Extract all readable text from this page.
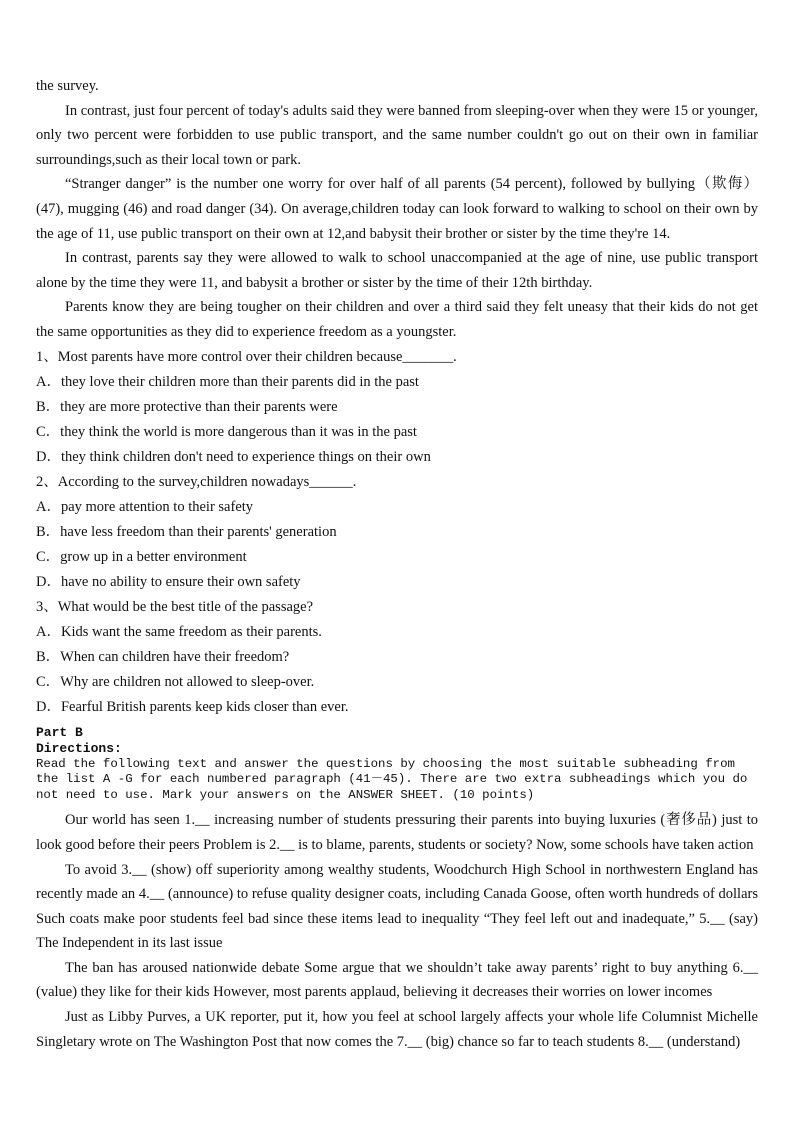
the survey.

In contrast, just four percent of today's adults said they were banned from sleeping-over when they were 15 or younger, only two percent were forbidden to use public transport, and the same number couldn't go out on their own in familiar surroundings,such as their local town or park.

“Stranger danger” is the number one worry for over half of all parents (54 percent), followed by bullying（欺侮）(47), mugging (46) and road danger (34). On average,children today can look forward to walking to school on their own by the age of 11, use public transport on their own at 12,and babysit their brother or sister by the time they're 14.

In contrast, parents say they were allowed to walk to school unaccompanied at the age of nine, use public transport alone by the time they were 11, and babysit a brother or sister by the time of their 12th birthday.

Parents know they are being tougher on their children and over a third said they felt uneasy that their kids do not get the same opportunities as they did to experience freedom as a youngster.

1、Most parents have more control over their children because_______.

A．they love their children more than their parents did in the past

B．they are more protective than their parents were

C．they think the world is more dangerous than it was in the past

D．they think children don't need to experience things on their own

2、According to the survey,children nowadays______.

A．pay more attention to their safety

B．have less freedom than their parents' generation

C．grow up in a better environment

D．have no ability to ensure their own safety

3、What would be the best title of the passage?

A．Kids want the same freedom as their parents.

B．When can children have their freedom?

C．Why are children not allowed to sleep-over.

D．Fearful British parents keep kids closer than ever.

Part B

Directions:

Read the following text and answer the questions by choosing the most suitable subheading from the list A -G for each numbered paragraph (41－45). There are two extra subheadings which you do not need to use. Mark your answers on the ANSWER SHEET. (10 points)

Our world has seen 1.__ increasing number of students pressuring their parents into buying luxuries (奢侈品) just to look good before their peers Problem is 2.__ is to blame, parents, students or society? Now, some schools have taken action

To avoid 3.__ (show) off superiority among wealthy students, Woodchurch High School in northwestern England has recently made an 4.__ (announce) to refuse quality designer coats, including Canada Goose, often worth hundreds of dollars Such coats make poor students feel bad since these items lead to inequality “They feel left out and inadequate,” 5.__ (say) The Independent in its last issue

The ban has aroused nationwide debate Some argue that we shouldn’t take away parents’ right to buy anything 6.__ (value) they like for their kids However, most parents applaud, believing it decreases their worries on lower incomes

Just as Libby Purves, a UK reporter, put it, how you feel at school largely affects your whole life Columnist Michelle Singletary wrote on The Washington Post that now comes the 7.__ (big) chance so far to teach students 8.__ (understand)
